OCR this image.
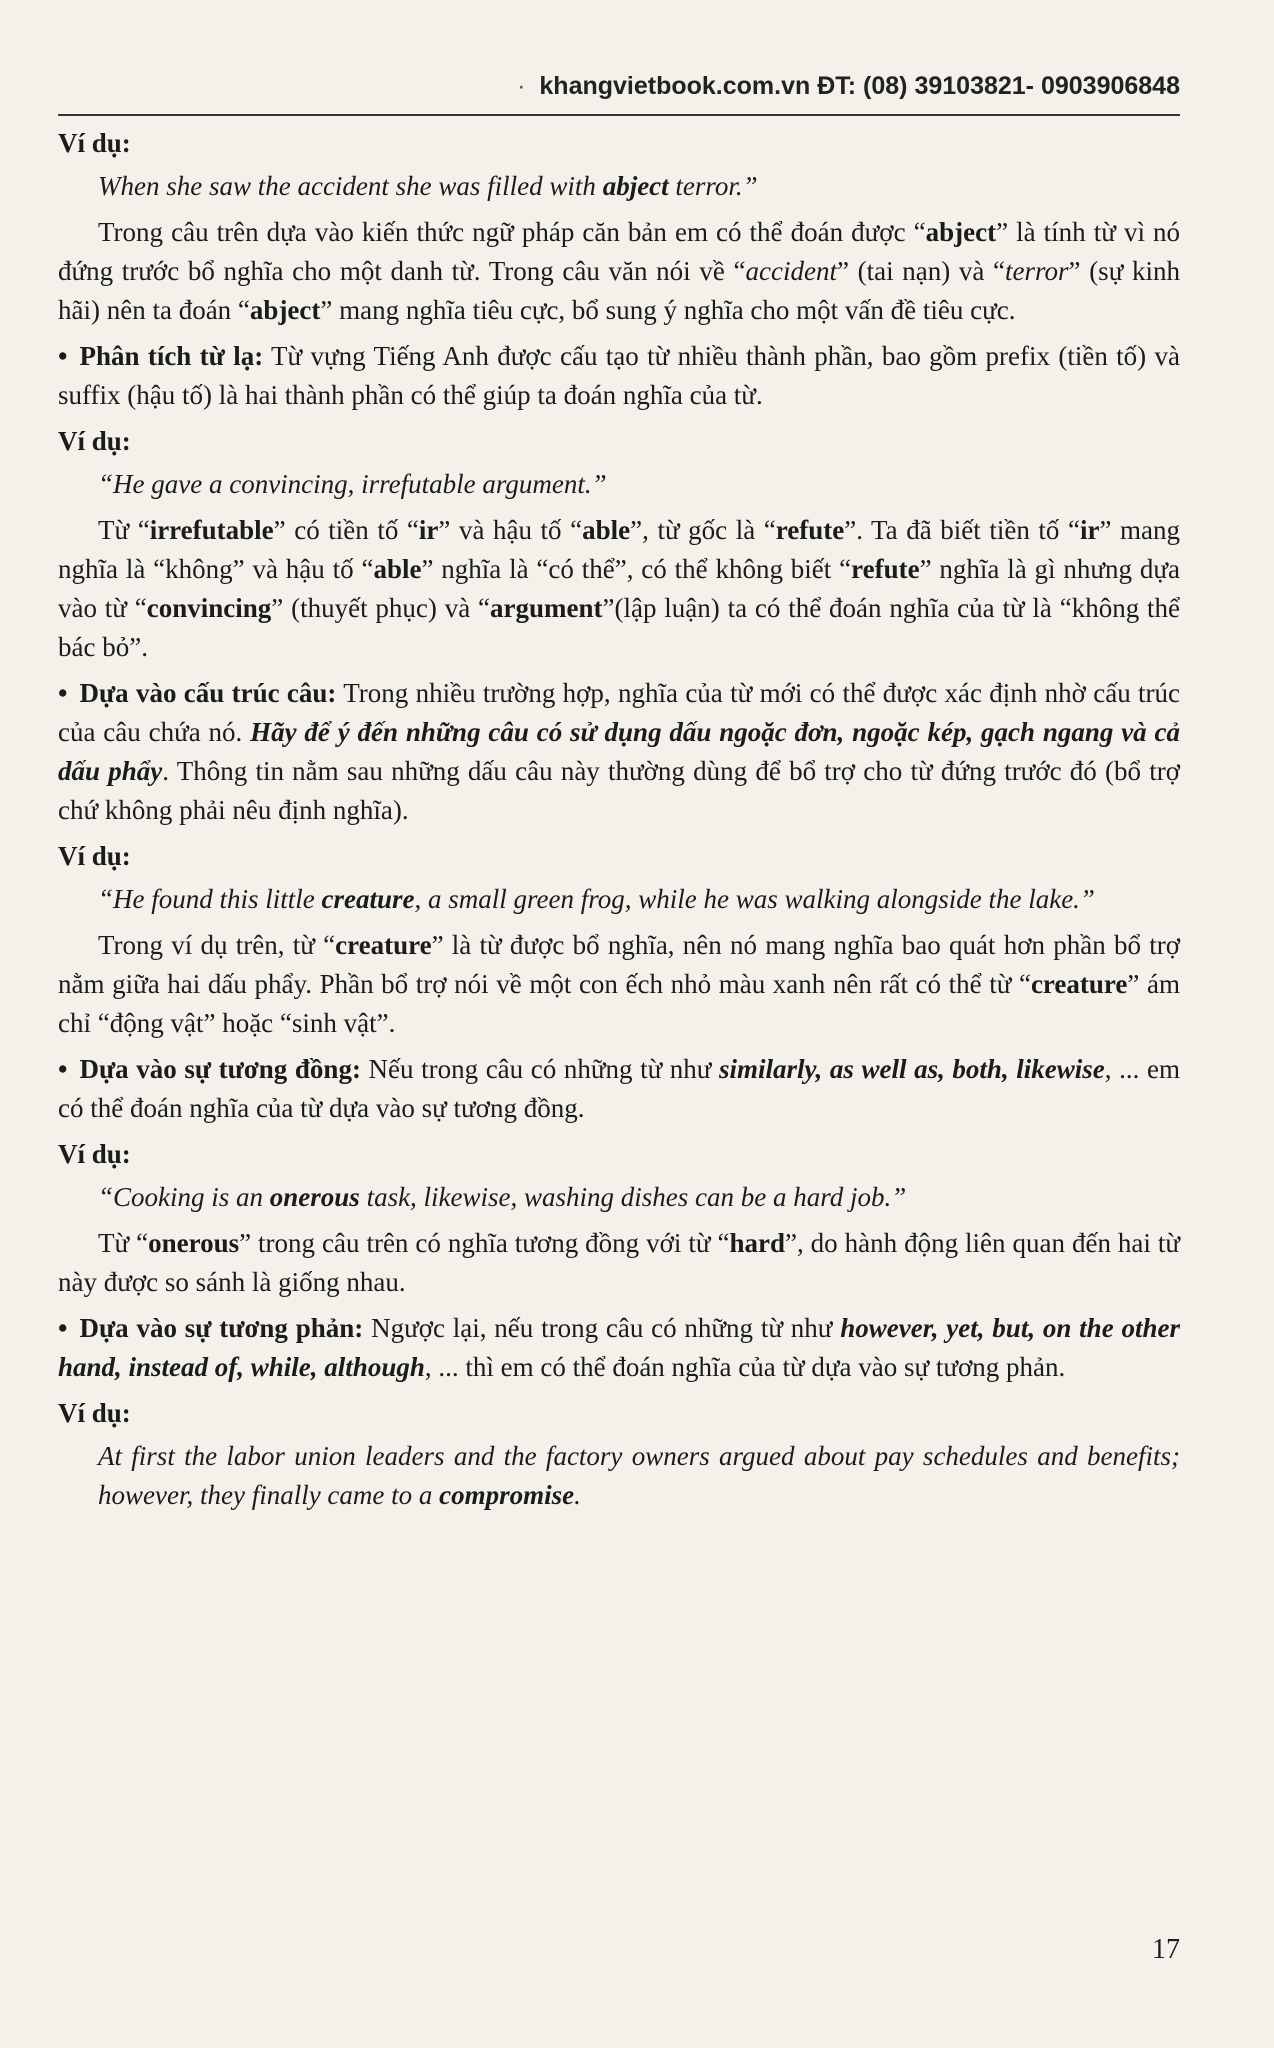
· khangvietbook.com.vn ĐT: (08) 39103821- 0903906848

Ví dụ:

When she saw the accident she was filled with abject terror.”

Trong câu trên dựa vào kiến thức ngữ pháp căn bản em có thể đoán được “abject” là tính từ vì nó đứng trước bổ nghĩa cho một danh từ. Trong câu văn nói về “accident” (tai nạn) và “terror” (sự kinh hãi) nên ta đoán “abject” mang nghĩa tiêu cực, bổ sung ý nghĩa cho một vấn đề tiêu cực.

• Phân tích từ lạ: Từ vựng Tiếng Anh được cấu tạo từ nhiều thành phần, bao gồm prefix (tiền tố) và suffix (hậu tố) là hai thành phần có thể giúp ta đoán nghĩa của từ.

Ví dụ:

“He gave a convincing, irrefutable argument.”

Từ “irrefutable” có tiền tố “ir” và hậu tố “able”, từ gốc là “refute”. Ta đã biết tiền tố “ir” mang nghĩa là “không” và hậu tố “able” nghĩa là “có thể”, có thể không biết “refute” nghĩa là gì nhưng dựa vào từ “convincing” (thuyết phục) và “argument”(lập luận) ta có thể đoán nghĩa của từ là “không thể bác bỏ”.

• Dựa vào cấu trúc câu: Trong nhiều trường hợp, nghĩa của từ mới có thể được xác định nhờ cấu trúc của câu chứa nó. Hãy để ý đến những câu có sử dụng dấu ngoặc đơn, ngoặc kép, gạch ngang và cả dấu phẩy. Thông tin nằm sau những dấu câu này thường dùng để bổ trợ cho từ đứng trước đó (bổ trợ chứ không phải nêu định nghĩa).

Ví dụ:

“He found this little creature, a small green frog, while he was walking alongside the lake.”

Trong ví dụ trên, từ “creature” là từ được bổ nghĩa, nên nó mang nghĩa bao quát hơn phần bổ trợ nằm giữa hai dấu phẩy. Phần bổ trợ nói về một con ếch nhỏ màu xanh nên rất có thể từ “creature” ám chỉ “động vật” hoặc “sinh vật”.

• Dựa vào sự tương đồng: Nếu trong câu có những từ như similarly, as well as, both, likewise, ... em có thể đoán nghĩa của từ dựa vào sự tương đồng.

Ví dụ:

“Cooking is an onerous task, likewise, washing dishes can be a hard job.”

Từ “onerous” trong câu trên có nghĩa tương đồng với từ “hard”, do hành động liên quan đến hai từ này được so sánh là giống nhau.

• Dựa vào sự tương phản: Ngược lại, nếu trong câu có những từ như however, yet, but, on the other hand, instead of, while, although, ... thì em có thể đoán nghĩa của từ dựa vào sự tương phản.

Ví dụ:

At first the labor union leaders and the factory owners argued about pay schedules and benefits; however, they finally came to a compromise.

17
